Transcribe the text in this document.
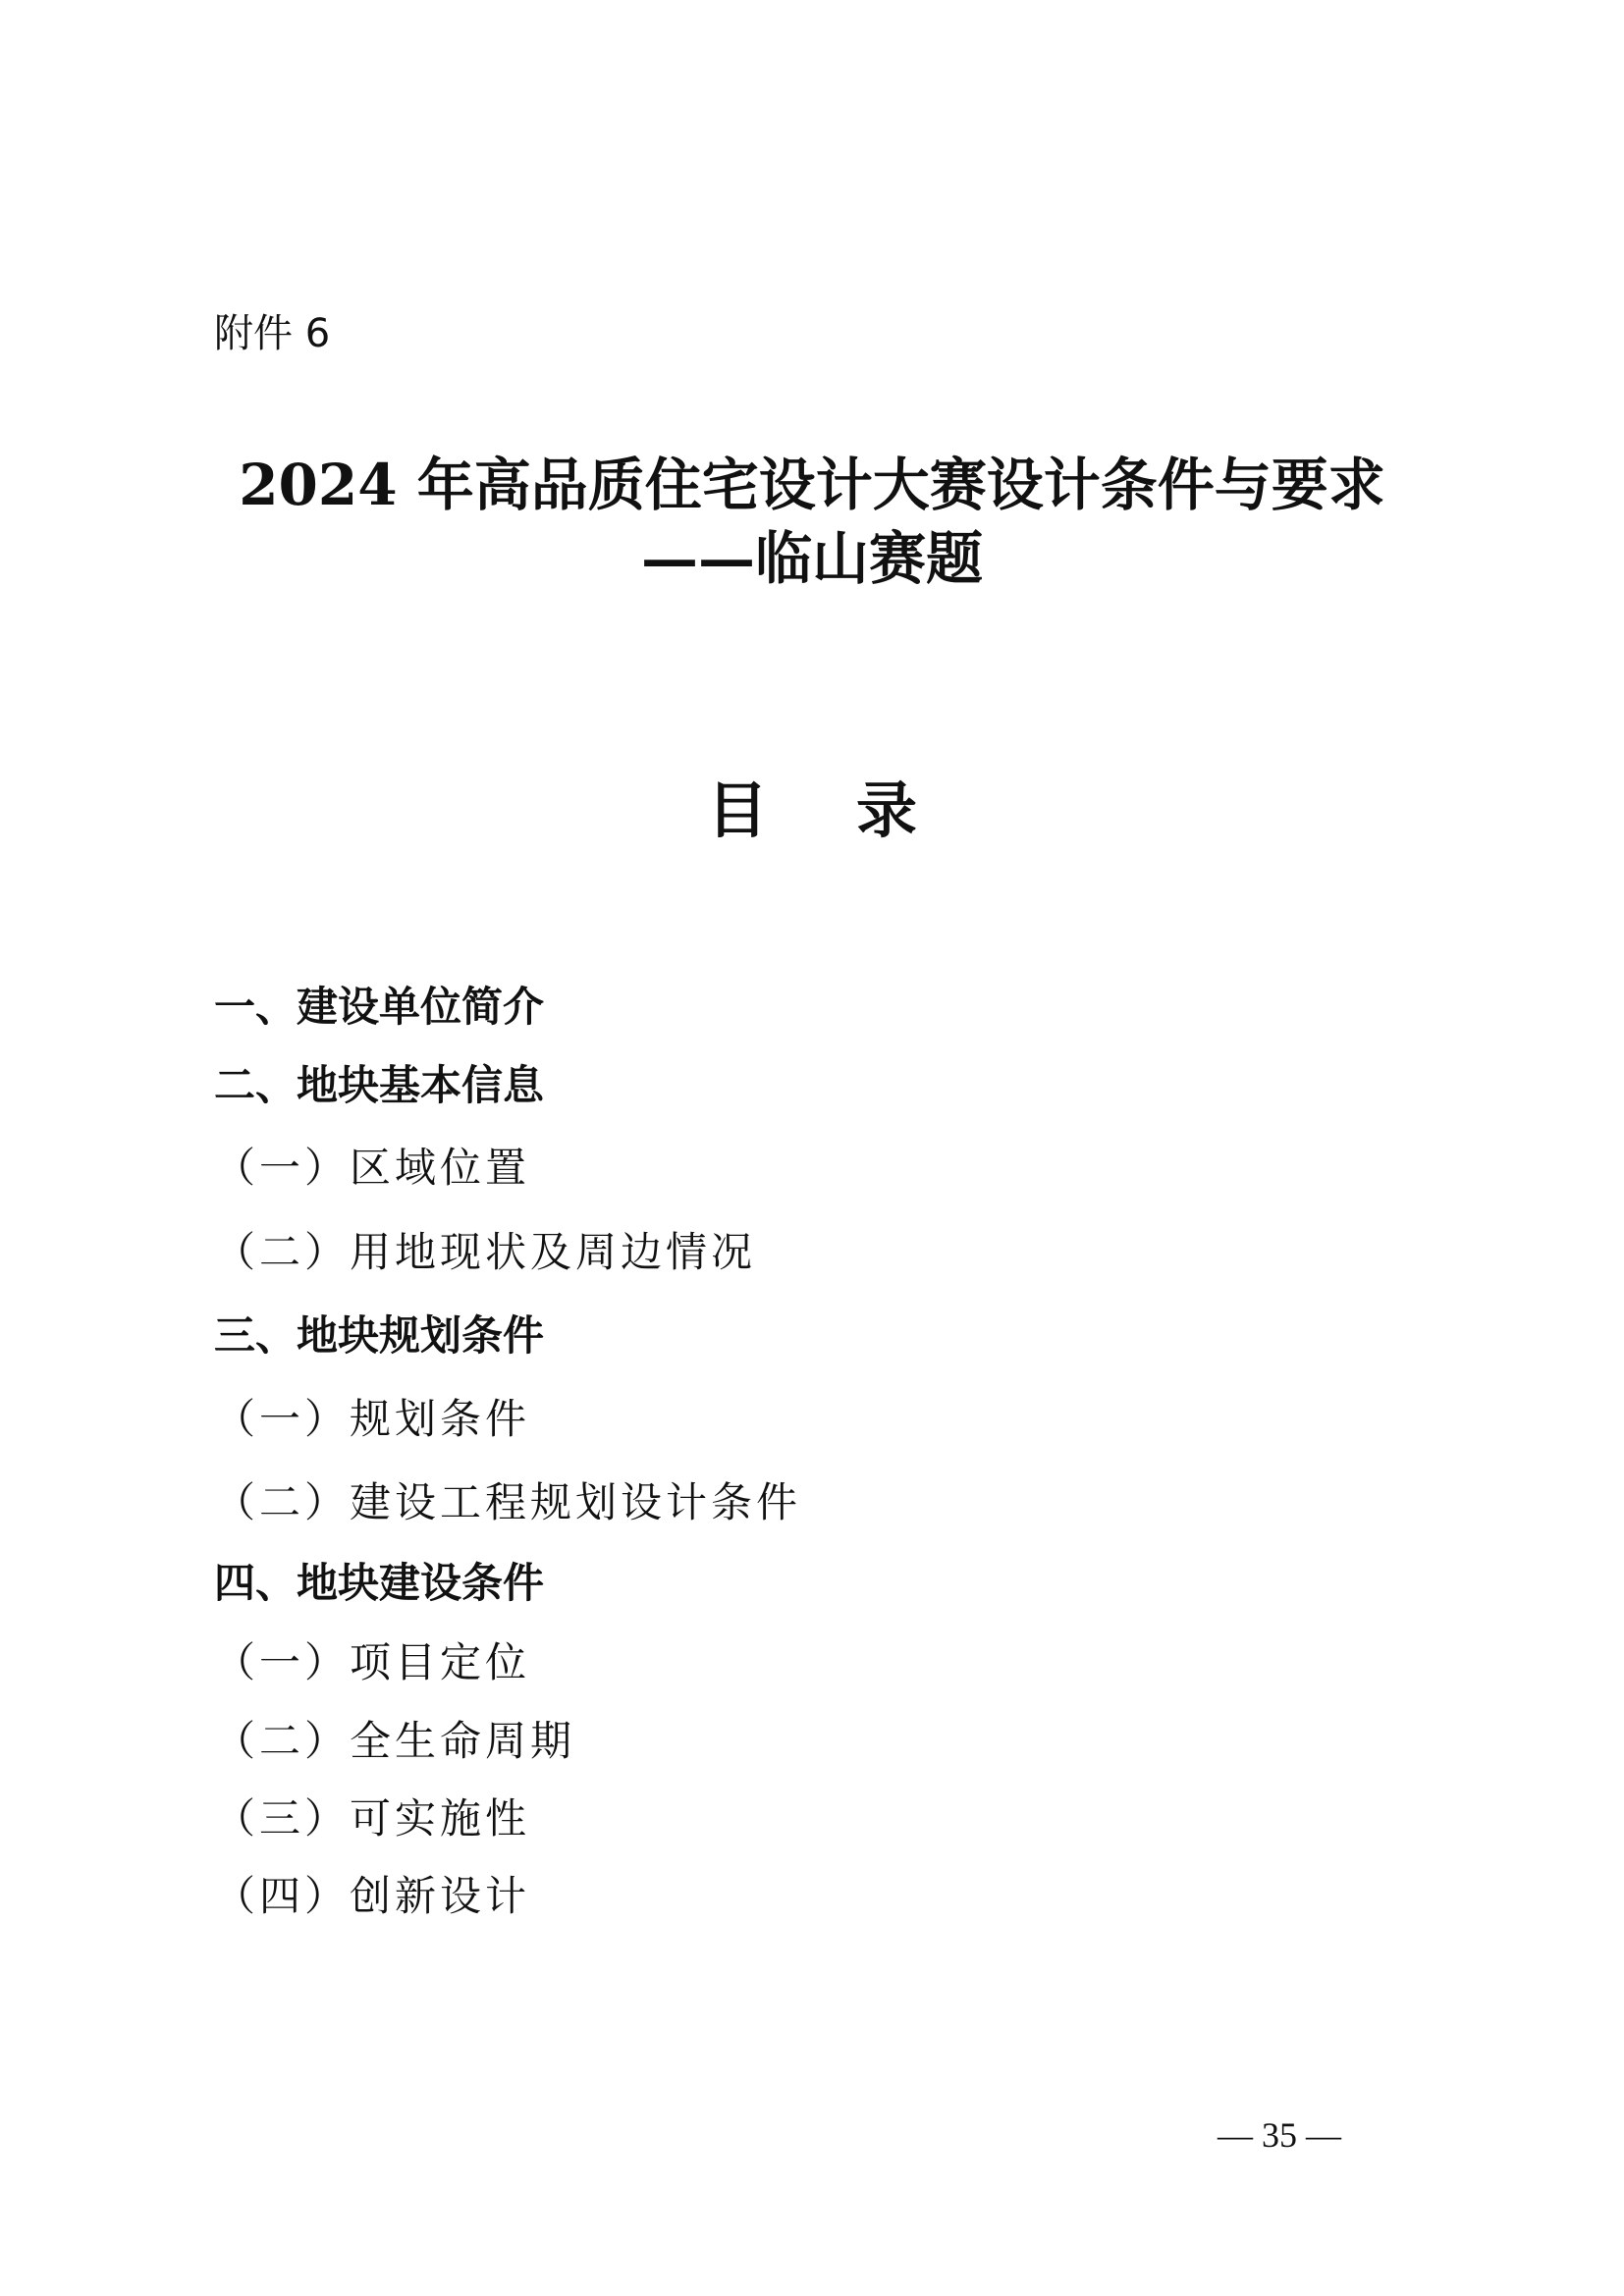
附件 6
2024 年高品质住宅设计大赛设计条件与要求
——临山赛题
目录
一、建设单位简介
二、地块基本信息
（一）区域位置
（二）用地现状及周边情况
三、地块规划条件
（一）规划条件
（二）建设工程规划设计条件
四、地块建设条件
（一）项目定位
（二）全生命周期
（三）可实施性
（四）创新设计
— 35 —
